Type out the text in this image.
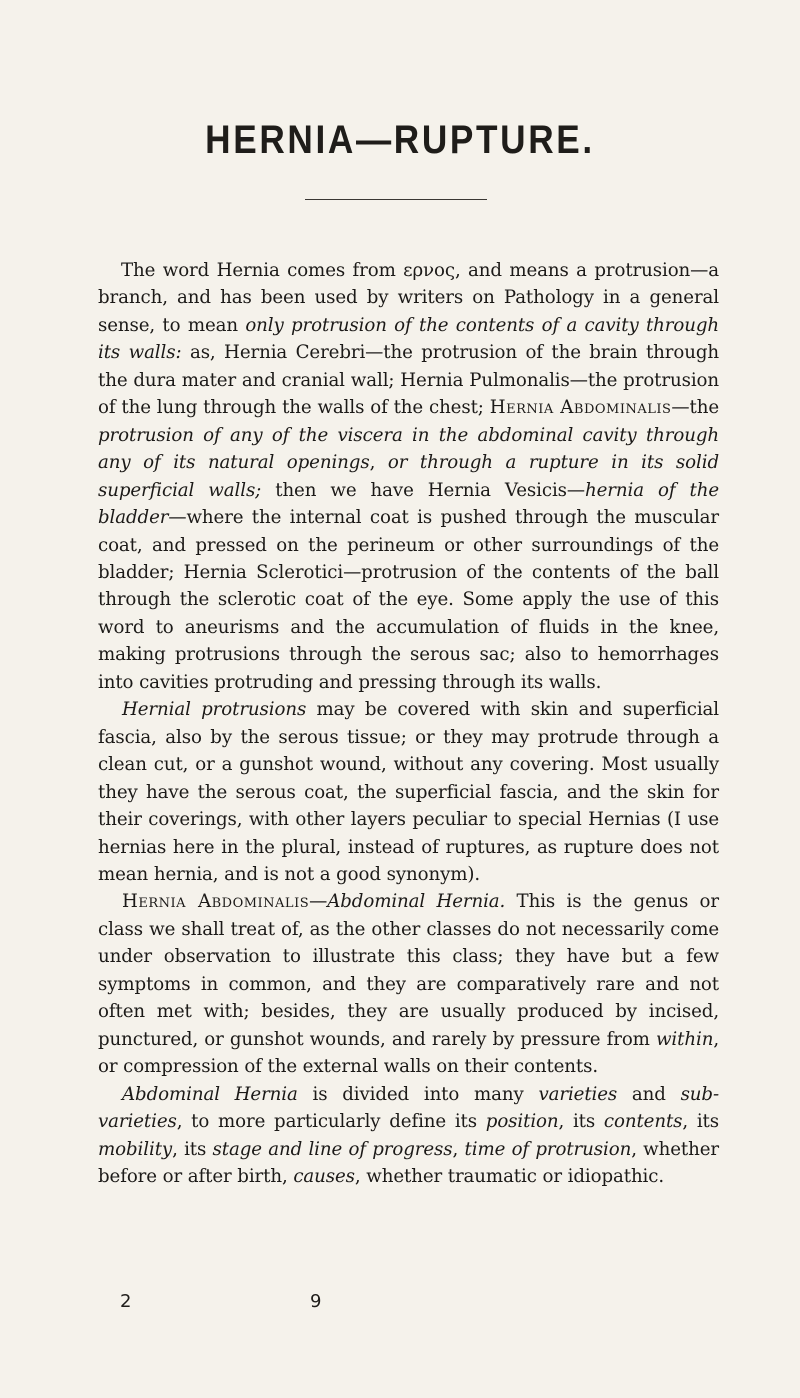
HERNIA—RUPTURE.

The word Hernia comes from ερνος, and means a protrusion—a branch, and has been used by writers on Pathology in a general sense, to mean only protrusion of the contents of a cavity through its walls: as, Hernia Cerebri—the protrusion of the brain through the dura mater and cranial wall; Hernia Pulmonalis—the protrusion of the lung through the walls of the chest; Hernia Abdominalis—the protrusion of any of the viscera in the abdominal cavity through any of its natural openings, or through a rupture in its solid superficial walls; then we have Hernia Vesicis—hernia of the bladder—where the internal coat is pushed through the muscular coat, and pressed on the perineum or other surroundings of the bladder; Hernia Sclerotici—protrusion of the contents of the ball through the sclerotic coat of the eye. Some apply the use of this word to aneurisms and the accumulation of fluids in the knee, making protrusions through the serous sac; also to hemorrhages into cavities protruding and pressing through its walls.

Hernial protrusions may be covered with skin and superficial fascia, also by the serous tissue; or they may protrude through a clean cut, or a gunshot wound, without any covering. Most usually they have the serous coat, the superficial fascia, and the skin for their coverings, with other layers peculiar to special Hernias (I use hernias here in the plural, instead of ruptures, as rupture does not mean hernia, and is not a good synonym).

Hernia Abdominalis—Abdominal Hernia. This is the genus or class we shall treat of, as the other classes do not necessarily come under observation to illustrate this class; they have but a few symptoms in common, and they are comparatively rare and not often met with; besides, they are usually produced by incised, punctured, or gunshot wounds, and rarely by pressure from within, or compression of the external walls on their contents.

Abdominal Hernia is divided into many varieties and sub-varieties, to more particularly define its position, its contents, its mobility, its stage and line of progress, time of protrusion, whether before or after birth, causes, whether traumatic or idiopathic.

2	9
